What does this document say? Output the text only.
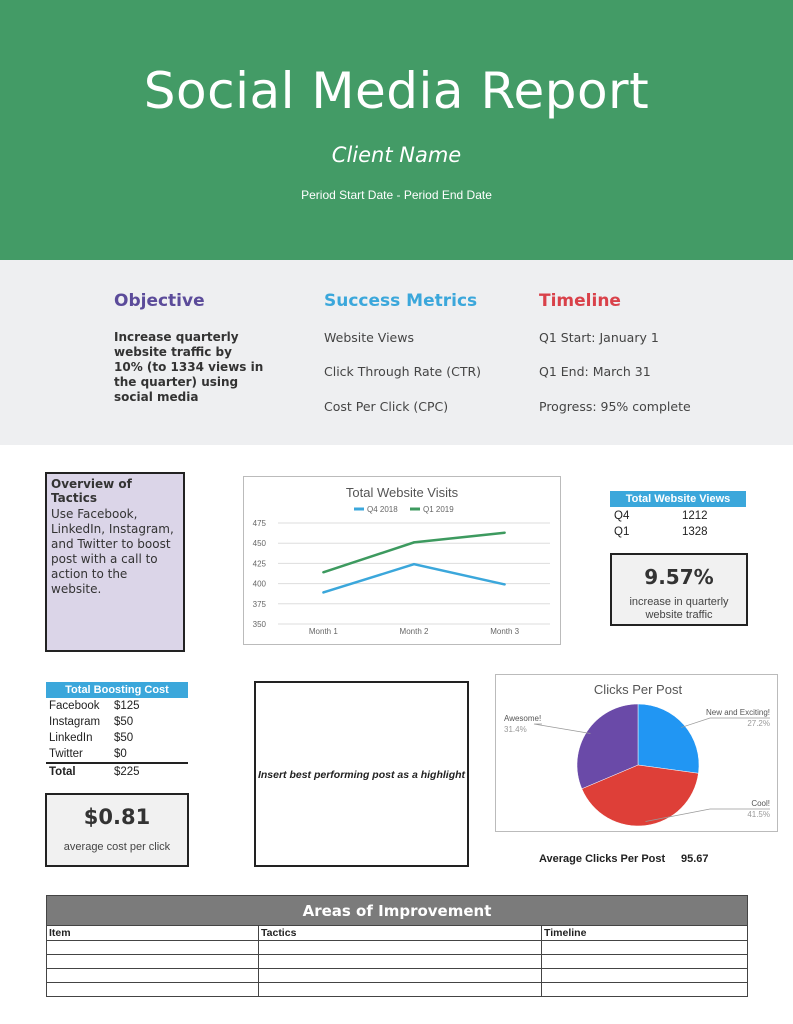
Social Media Report
Client Name
Period Start Date - Period End Date
Objective
Increase quarterly website traffic by 10% (to 1334 views in the quarter) using social media
Success Metrics
Website Views
Click Through Rate (CTR)
Cost Per Click (CPC)
Timeline
Q1 Start: January 1
Q1 End: March 31
Progress: 95% complete
Overview of Tactics
Use Facebook, LinkedIn, Instagram, and Twitter to boost post with a call to action to the website.
Total Website Visits
Q4 2018	Q1 2019
350
375
400
425
450
475
Month 1	Month 2	Month 3
Total Website Views
Q4	1212
Q1	1328
9.57%
increase in quarterly website traffic
Total Boosting Cost
Facebook $125
Instagram $50
LinkedIn $50
Twitter	$0
Total	$225
$0.81
average cost per click
Insert best performing post as a highlight
Clicks Per Post
New and Exciting!
27.2%
Cool!
41.5%
Awesome!
31.4%
Average Clicks Per Post 95.67
Areas of Improvement		
Item	Tactics	Timeline
